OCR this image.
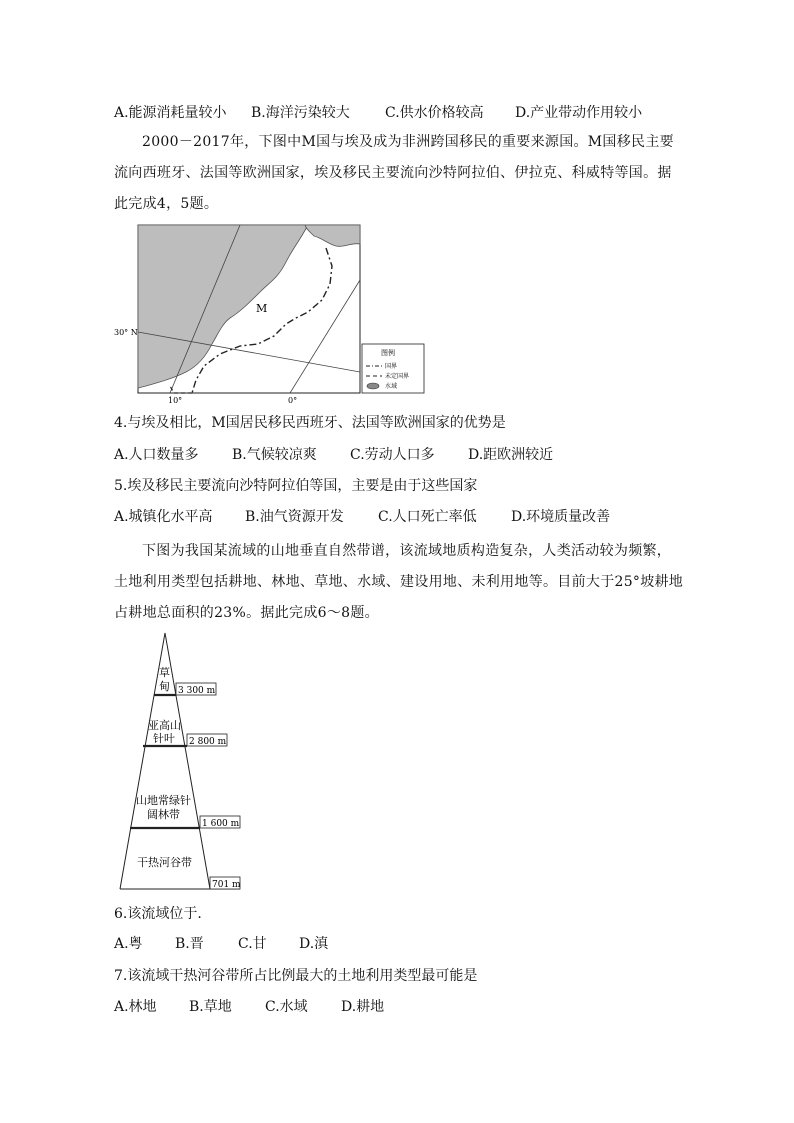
A.能源消耗量较小 B.海洋污染较大	C.供水价格较高 D.产业带动作用较小
2000－2017年，下图中M国与埃及成为非洲跨国移民的重要来源国。M国移民主要流向西班牙、法国等欧洲国家，埃及移民主要流向沙特阿拉伯、伊拉克、科威特等国。据此完成4，5题。
M
30° N
10°	0°
图例
国界
未定国界
水域
4.与埃及相比，M国居民移民西班牙、法国等欧洲国家的优势是
A.人口数量多 B.气候较凉爽 C.劳动人口多 D.距欧洲较近
5.埃及移民主要流向沙特阿拉伯等国，主要是由于这些国家
A.城镇化水平高 B.油气资源开发 C.人口死亡率低 D.环境质量改善
下图为我国某流域的山地垂直自然带谱，该流域地质构造复杂，人类活动较为频繁，土地利用类型包括耕地、林地、草地、水域、建设用地、未利用地等。目前大于25°坡耕地占耕地总面积的23%。据此完成6～8题。
草
甸
亚高山
针叶
山地常绿针
阔林带
干热河谷带
3 300 m
2 800 m
1 600 m
701 m
6.该流域位于.
A.粤 B.晋 C.甘 D.滇
7.该流域干热河谷带所占比例最大的土地利用类型最可能是
A.林地 B.草地 C.水域 D.耕地
